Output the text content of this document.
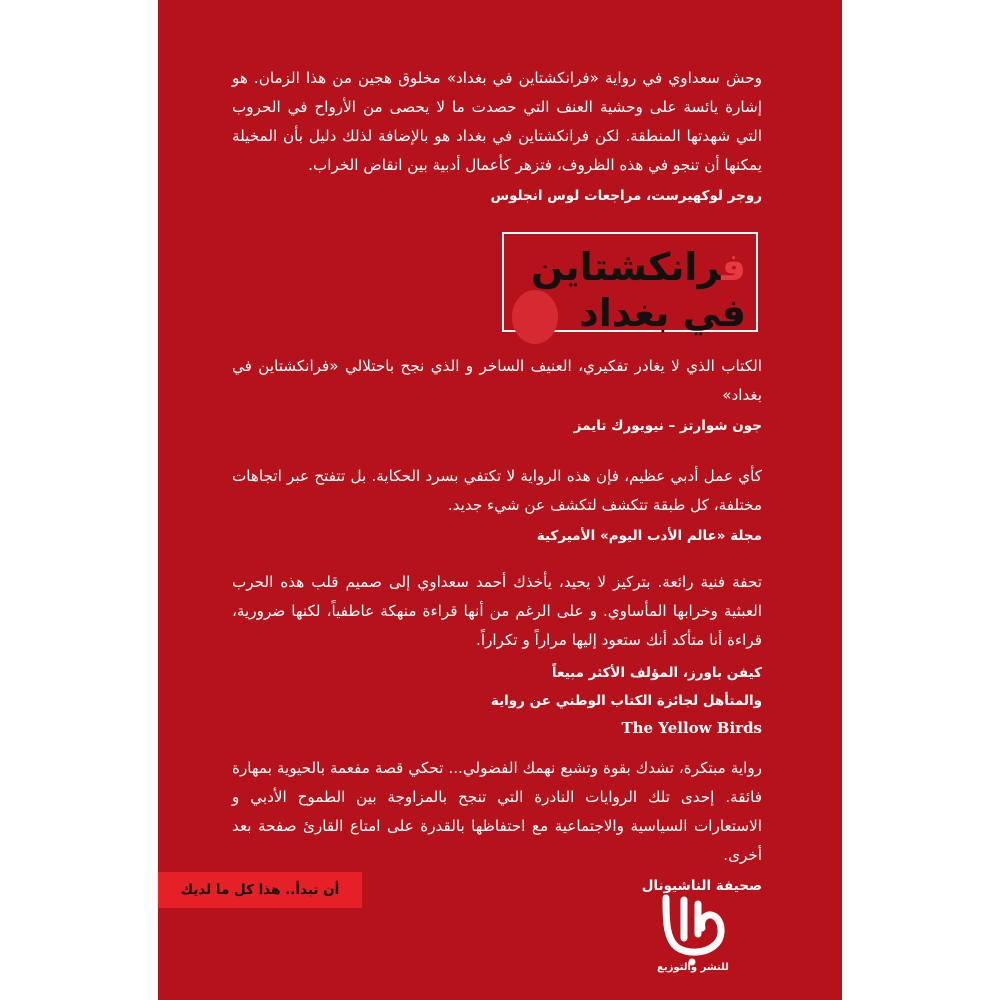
وحش سعداوي في رواية «فرانكشتاين في بغداد» مخلوق هجين من هذا الزمان. هو إشارة يائسة على وحشية العنف التي حصدت ما لا يحصى من الأرواح في الحروب التي شهدتها المنطقة. لكن فرانكشتاين في بغداد هو بالإضافة لذلك دليل بأن المخيلة يمكنها أن تنجو في هذه الظروف، فتزهر كأعمال أدبية بين انقاض الخراب.

روجر لوكهيرست، مراجعات لوس انجلوس

فرانكشتاين
في بغداد

الكتاب الذي لا يغادر تفكيري، العنيف الساخر و الذي نجح باحتلالي «فرانكشتاين في بغداد»

جون شوارتز – نيويورك تايمز

كأي عمل أدبي عظيم، فإن هذه الرواية لا تكتفي بسرد الحكاية. بل تتفتح عبر اتجاهات مختلفة، كل طبقة تتكشف لتكشف عن شيء جديد.

مجلة «عالم الأدب اليوم» الأميركية

تحفة فنية رائعة. بتركيز لا يحيد، يأخذك أحمد سعداوي إلى صميم قلب هذه الحرب العبثية وخرابها المأساوي. و على الرغم من أنها قراءة منهكة عاطفياً، لكنها ضرورية، قراءة أنا متأكد أنك ستعود إليها مراراً و تكراراً.

كيفن باورز، المؤلف الأكثر مبيعاً

والمتأهل لجائزة الكتاب الوطني عن رواية

The Yellow Birds

رواية مبتكرة، تشدك بقوة وتشبع نهمك الفضولي... تحكي قصة مفعمة بالحيوية بمهارة فائقة. إحدى تلك الروايات النادرة التي تنجح بالمزاوجة بين الطموح الأدبي و الاستعارات السياسية والاجتماعية مع احتفاظها بالقدرة على امتاع القارئ صفحة بعد أخرى.

صحيفة الناشيونال

أن تبدأ.. هذا كل ما لديك
للنشر والتوزيع
